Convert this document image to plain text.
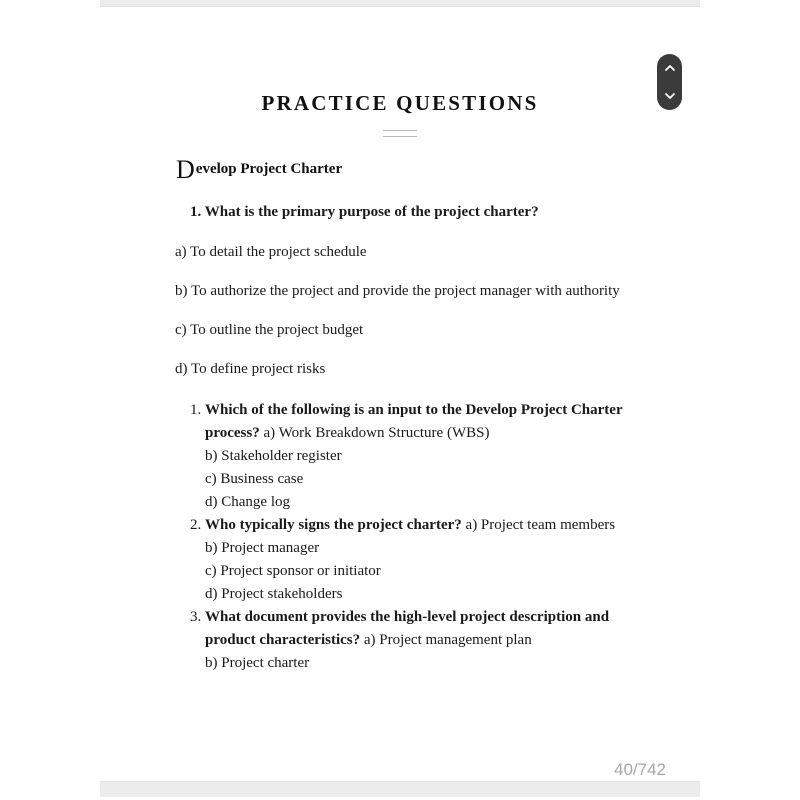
PRACTICE QUESTIONS
Develop Project Charter
1. What is the primary purpose of the project charter?
a) To detail the project schedule
b) To authorize the project and provide the project manager with authority
c) To outline the project budget
d) To define project risks
1. Which of the following is an input to the Develop Project Charter process? a) Work Breakdown Structure (WBS)
b) Stakeholder register
c) Business case
d) Change log
2. Who typically signs the project charter? a) Project team members
b) Project manager
c) Project sponsor or initiator
d) Project stakeholders
3. What document provides the high-level project description and product characteristics? a) Project management plan
b) Project charter
40/742
